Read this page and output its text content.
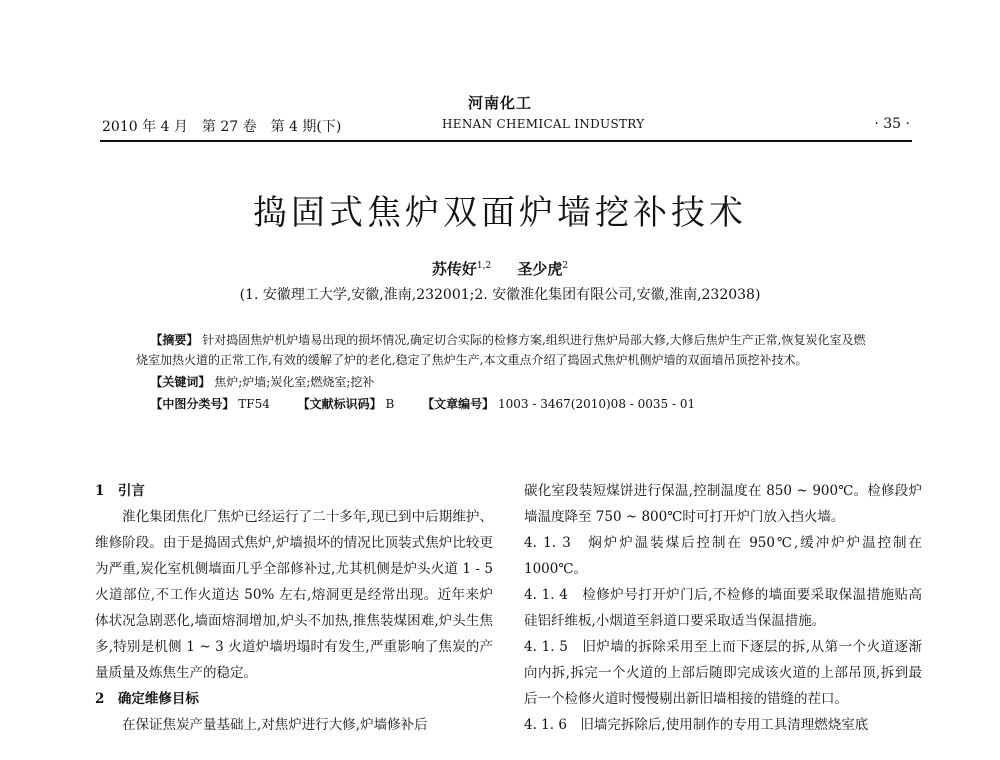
河南化工
2010 年 4 月　第 27 卷　第 4 期(下)	HENAN CHEMICAL INDUSTRY	· 35 ·
捣固式焦炉双面炉墙挖补技术
苏传好$^{1,2}$ 圣少虎$^2$
(1. 安徽理工大学,安徽,淮南,232001;2. 安徽淮化集团有限公司,安徽,淮南,232038)
【摘要】 针对捣固焦炉机炉墙易出现的损坏情况,确定切合实际的检修方案,组织进行焦炉局部大修,大修后焦炉生产正常,恢复炭化室及燃烧室加热火道的正常工作,有效的缓解了炉的老化,稳定了焦炉生产,本文重点介绍了捣固式焦炉机侧炉墙的双面墙吊顶挖补技术。
【关键词】 焦炉;炉墙;炭化室;燃烧室;挖补
【中图分类号】 TF54 【文献标识码】 B 【文章编号】 1003 - 3467(2010)08 - 0035 - 01

1　引言

淮化集团焦化厂焦炉已经运行了二十多年,现已到中后期维护、维修阶段。由于是捣固式焦炉,炉墙损坏的情况比顶装式焦炉比较更为严重,炭化室机侧墙面几乎全部修补过,尤其机侧是炉头火道 1 - 5 火道部位,不工作火道达 50% 左右,熔洞更是经常出现。近年来炉体状况急剧恶化,墙面熔洞增加,炉头不加热,推焦装煤困难,炉头生焦多,特别是机侧 1 ~ 3 火道炉墙坍塌时有发生,严重影响了焦炭的产量质量及炼焦生产的稳定。

2　确定维修目标

在保证焦炭产量基础上,对焦炉进行大修,炉墙修补后

碳化室段装短煤饼进行保温,控制温度在 850 ~ 900℃。检修段炉墙温度降至 750 ~ 800℃时可打开炉门放入挡火墙。

4. 1. 3　焖炉炉温装煤后控制在 950℃,缓冲炉炉温控制在 1000℃。

4. 1. 4　检修炉号打开炉门后,不检修的墙面要采取保温措施贴高硅铝纤维板,小烟道至斜道口要采取适当保温措施。

4. 1. 5　旧炉墙的拆除采用至上而下逐层的拆,从第一个火道逐渐向内拆,拆完一个火道的上部后随即完成该火道的上部吊顶,拆到最后一个检修火道时慢慢剔出新旧墙相接的错缝的茬口。

4. 1. 6　旧墙完拆除后,使用制作的专用工具清理燃烧室底
